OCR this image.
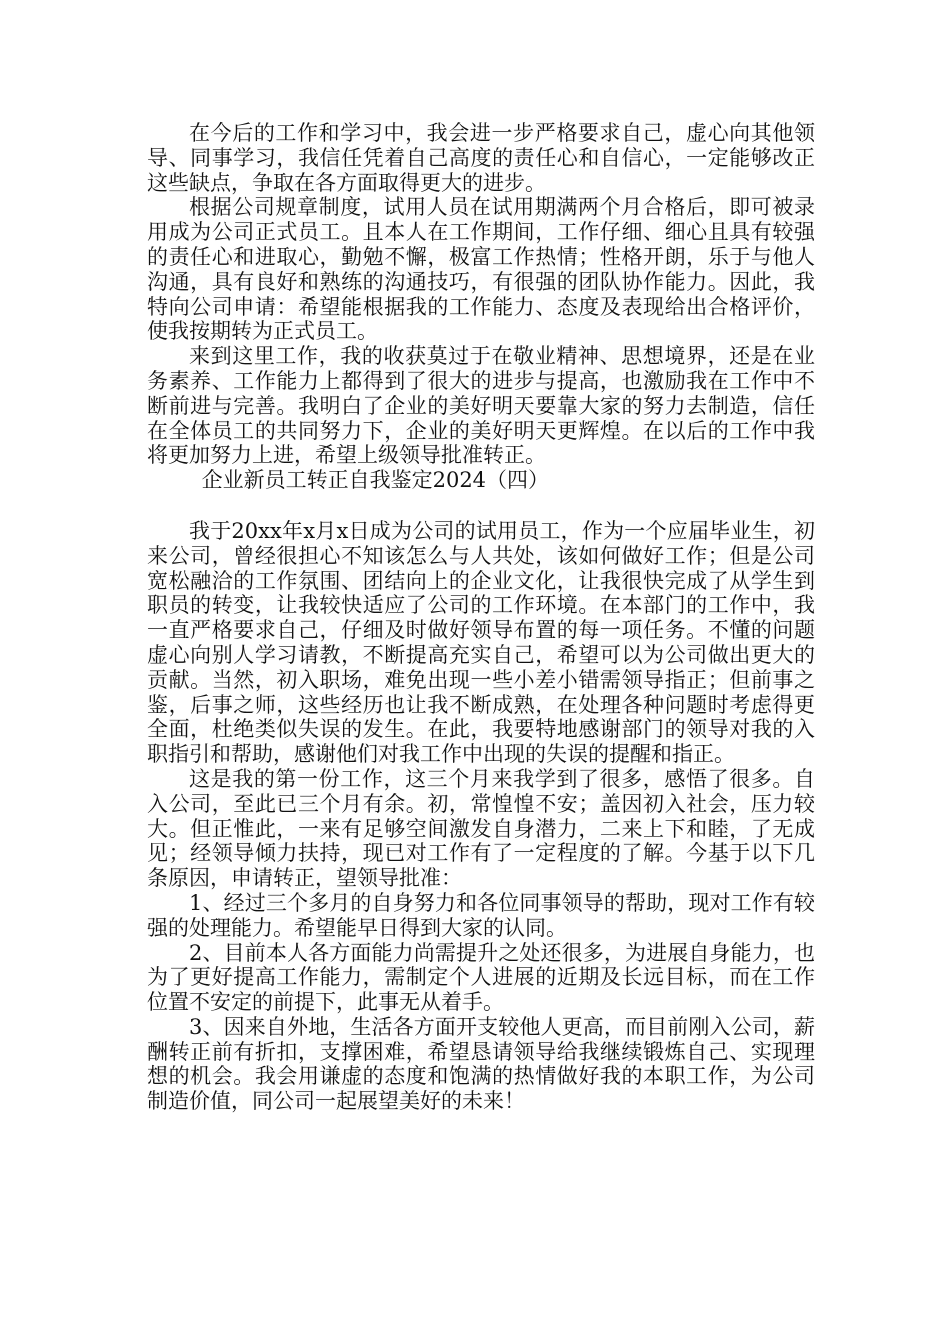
在今后的工作和学习中，我会进一步严格要求自己，虚心向其他领导、同事学习，我信任凭着自己高度的责任心和自信心，一定能够改正这些缺点，争取在各方面取得更大的进步。

根据公司规章制度，试用人员在试用期满两个月合格后，即可被录用成为公司正式员工。且本人在工作期间，工作仔细、细心且具有较强的责任心和进取心，勤勉不懈，极富工作热情；性格开朗，乐于与他人沟通，具有良好和熟练的沟通技巧，有很强的团队协作能力。因此，我特向公司申请：希望能根据我的工作能力、态度及表现给出合格评价，使我按期转为正式员工。

来到这里工作，我的收获莫过于在敬业精神、思想境界，还是在业务素养、工作能力上都得到了很大的进步与提高，也激励我在工作中不断前进与完善。我明白了企业的美好明天要靠大家的努力去制造，信任在全体员工的共同努力下，企业的美好明天更辉煌。在以后的工作中我将更加努力上进，希望上级领导批准转正。

企业新员工转正自我鉴定2024（四）

我于20xx年x月x日成为公司的试用员工，作为一个应届毕业生，初来公司，曾经很担心不知该怎么与人共处，该如何做好工作；但是公司宽松融洽的工作氛围、团结向上的企业文化，让我很快完成了从学生到职员的转变，让我较快适应了公司的工作环境。在本部门的工作中，我一直严格要求自己，仔细及时做好领导布置的每一项任务。不懂的问题虚心向别人学习请教，不断提高充实自己，希望可以为公司做出更大的贡献。当然，初入职场，难免出现一些小差小错需领导指正；但前事之鉴，后事之师，这些经历也让我不断成熟，在处理各种问题时考虑得更全面，杜绝类似失误的发生。在此，我要特地感谢部门的领导对我的入职指引和帮助，感谢他们对我工作中出现的失误的提醒和指正。

这是我的第一份工作，这三个月来我学到了很多，感悟了很多。自入公司，至此已三个月有余。初，常惶惶不安；盖因初入社会，压力较大。但正惟此，一来有足够空间激发自身潜力，二来上下和睦，了无成见；经领导倾力扶持，现已对工作有了一定程度的了解。今基于以下几条原因，申请转正，望领导批准：

1、经过三个多月的自身努力和各位同事领导的帮助，现对工作有较强的处理能力。希望能早日得到大家的认同。

2、目前本人各方面能力尚需提升之处还很多，为进展自身能力，也为了更好提高工作能力，需制定个人进展的近期及长远目标，而在工作位置不安定的前提下，此事无从着手。

3、因来自外地，生活各方面开支较他人更高，而目前刚入公司，薪酬转正前有折扣，支撑困难，希望恳请领导给我继续锻炼自己、实现理想的机会。我会用谦虚的态度和饱满的热情做好我的本职工作，为公司制造价值，同公司一起展望美好的未来！
